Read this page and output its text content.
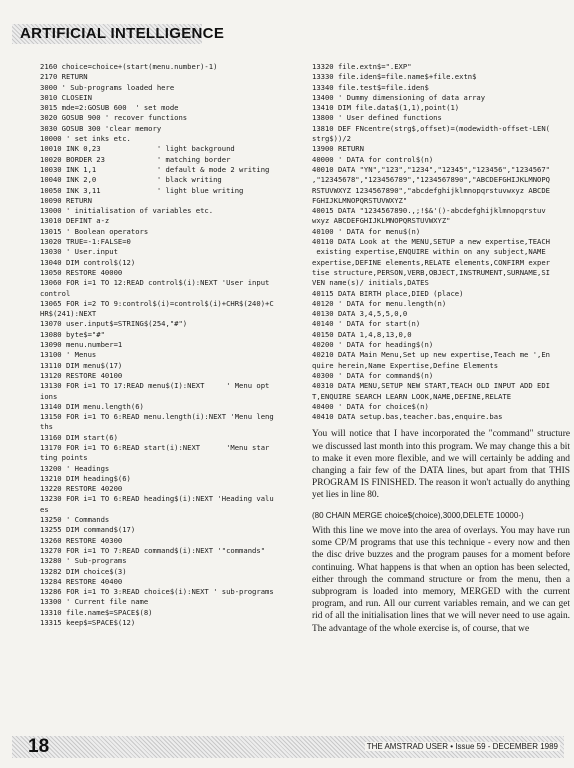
ARTIFICIAL INTELLIGENCE
2160 choice=choice+(start(menu.number)-1)
2170 RETURN
3000 ' Sub-programs loaded here
3010 CLOSEIN
3015 mde=2:GOSUB 600  ' set mode
3020 GOSUB 900 ' recover functions
3030 GOSUB 300 'clear memory
10000 ' set inks etc.
10010 INK 0,23             ' light background
10020 BORDER 23            ' matching border
10030 INK 1,1              ' default & mode 2 writing
10040 INK 2,0              ' black writing
10050 INK 3,11             ' light blue writing
10090 RETURN
13000 ' initialisation of variables etc.
13010 DEFINT a-z
13015 ' Boolean operators
13020 TRUE=-1:FALSE=0
13030 ' User.input
13040 DIM control$(12)
13050 RESTORE 40000
13060 FOR i=1 TO 12:READ control$(i):NEXT 'User input
control
13065 FOR i=2 TO 9:control$(i)=control$(i)+CHR$(240)+C
HR$(241):NEXT
13070 user.input$=STRING$(254,"#")
13080 byte$="#"
13090 menu.number=1
13100 ' Menus
13110 DIM menu$(17)
13120 RESTORE 40100
13130 FOR i=1 TO 17:READ menu$(I):NEXT     ' Menu opt
ions
13140 DIM menu.length(6)
13150 FOR i=1 TO 6:READ menu.length(i):NEXT 'Menu leng
ths
13160 DIM start(6)
13170 FOR i=1 TO 6:READ start(i):NEXT      'Menu star
ting points
13200 ' Headings
13210 DIM heading$(6)
13220 RESTORE 40200
13230 FOR i=1 TO 6:READ heading$(i):NEXT 'Heading valu
es
13250 ' Commands
13255 DIM command$(17)
13260 RESTORE 40300
13270 FOR i=1 TO 7:READ command$(i):NEXT '"commands"
13280 ' Sub-programs
13282 DIM choice$(3)
13284 RESTORE 40400
13286 FOR i=1 TO 3:READ choice$(i):NEXT ' sub-programs
13300 ' Current file name
13310 file.name$=SPACE$(8)
13315 keep$=SPACE$(12)
13320 file.extn$=".EXP"
13330 file.iden$=file.name$+file.extn$
13340 file.test$=file.iden$
13400 ' Dummy dimensioning of data array
13410 DIM file.data$(1,1),point(1)
13800 ' User defined functions
13810 DEF FNcentre(strg$,offset)=(modewidth-offset-LEN(
strg$))/2
13900 RETURN
40000 ' DATA for control$(n)
40010 DATA "YN","123","1234","12345","123456","1234567"
,"12345678","123456789","1234567890","ABCDEFGHIJKLMNOPQ
RSTUVWXYZ 1234567890","abcdefghijklmnopqrstuvwxyz ABCDE
FGHIJKLMNOPQRSTUVWXYZ"
40015 DATA "1234567890.,;!$&'()-abcdefghijklmnopqrstuv
wxyz ABCDEFGHIJKLMNOPQRSTUVWXYZ"
40100 ' DATA for menu$(n)
40110 DATA Look at the MENU,SETUP a new expertise,TEACH
existing expertise,ENQUIRE within on any subject,NAME
expertise,DEFINE elements,RELATE elements,CONFIRM exper
tise structure,PERSON,VERB,OBJECT,INSTRUMENT,SURNAME,SI
VEN name(s)/ initials,DATES
40115 DATA BIRTH place,DIED (place)
40120 ' DATA for menu.length(n)
40130 DATA 3,4,5,5,0,0
40140 ' DATA for start(n)
40150 DATA 1,4,8,13,0,0
40200 ' DATA for heading$(n)
40210 DATA Main Menu,Set up new expertise,Teach me ',En
quire herein,Name Expertise,Define Elements
40300 ' DATA for command$(n)
40310 DATA MENU,SETUP NEW START,TEACH OLD INPUT ADD EDI
T,ENQUIRE SEARCH LEARN LOOK,NAME,DEFINE,RELATE
40400 ' DATA for choice$(n)
40410 DATA setup.bas,teacher.bas,enquire.bas

You will notice that I have incorporated the "command" structure we discussed last month into this program. We may change this a bit to make it even more flexible, and we will certainly be adding and changing a fair few of the DATA lines, but apart from that THIS PROGRAM IS FINISHED. The reason it won't actually do anything yet lies in line 80.

(80 CHAIN MERGE choice$(choice),3000,DELETE 10000-)

With this line we move into the area of overlays. You may have run some CP/M programs that use this technique - every now and then the disc drive buzzes and the program pauses for a moment before continuing. What happens is that when an option has been selected, either through the command structure or from the menu, then a subprogram is loaded into memory, MERGED with the current program, and run. All our current variables remain, and we can get rid of all the initialisation lines that we will never need to use again. The advantage of the whole exercise is, of course, that we

18	THE AMSTRAD USER • Issue 59 - DECEMBER 1989
